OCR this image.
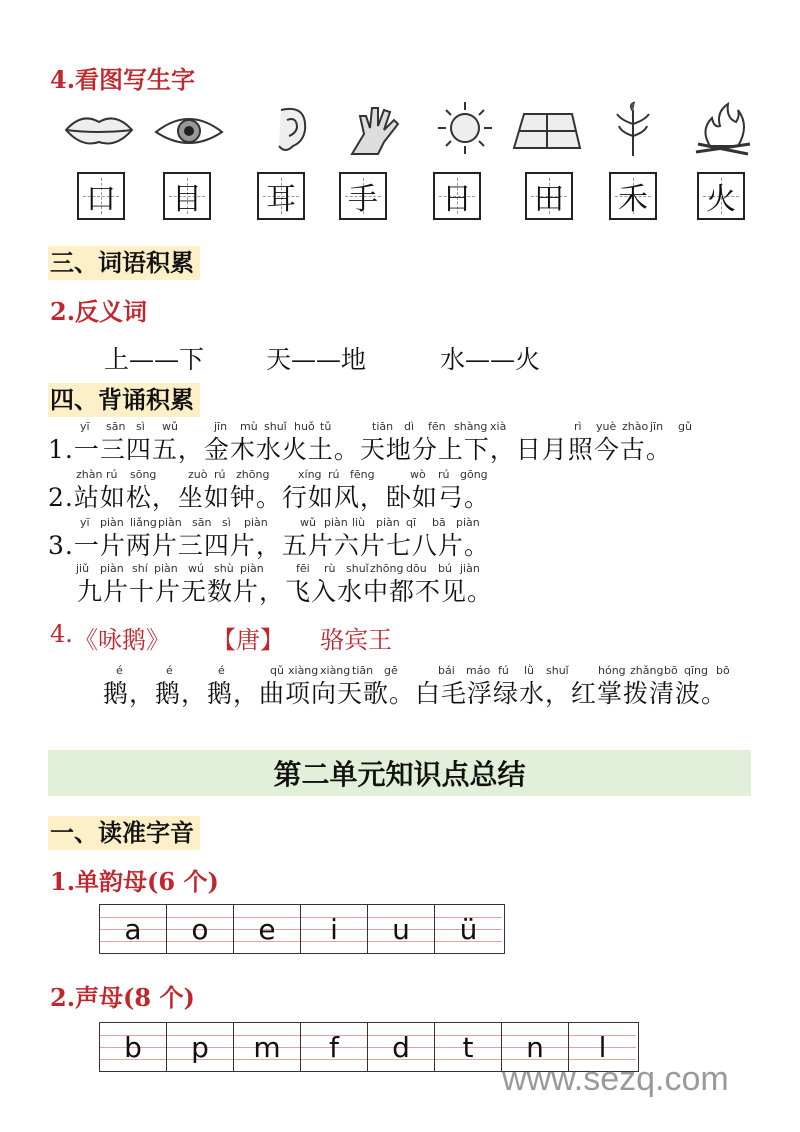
4.看图写生字
口 目 耳 手 日 田 禾 火
三、词语积累
2.反义词
上——下 天——地	水——火
四、背诵积累
yī sān sì wǔ	jīn mù shuǐ huǒ tǔ	tiān dì fēn shàng xià	rì yuè zhào jīn gǔ
1.一三四五，金木水火土。天地分上下，日月照今古。
zhàn rú sōng	zuò rú zhōng	xíng rú fēng	wò rú gōng
2.站如松，坐如钟。行如风，卧如弓。
yī piàn liǎng piàn sān sì piàn	wǔ piàn liù piàn qī bā piàn
3.一片两片三四片，五片六片七八片。
jiǔ piàn shí piàn wú shù piàn	fēi rù shuǐ zhōng dōu bú jiàn
九片十片无数片，飞入水中都不见。
4. 《咏鹅》 【唐】 骆宾王
é	é	é	qǔ xiàng xiàng tiān gē	bái máo fú lǜ shuǐ	hóng zhǎng bō qīng bō
鹅，鹅，鹅，曲项向天歌。白毛浮绿水，红掌拨清波。
第二单元知识点总结
一、读准字音
1.单韵母(6 个)
a o e i u ü
2.声母(8 个)
b p m f d t n l
www.sezq.com
